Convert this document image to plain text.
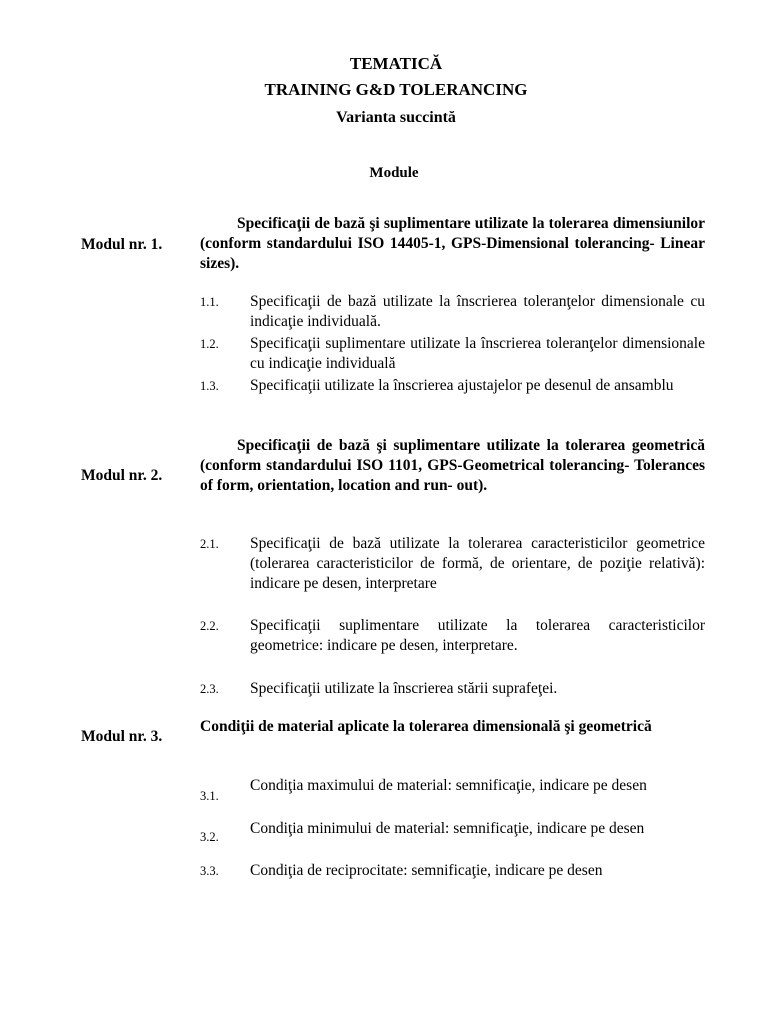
TEMATICĂ
TRAINING G&D TOLERANCING
Varianta succintă
Module
Modul nr. 1.
Specificaţii de bază şi suplimentare utilizate la tolerarea dimensiunilor (conform standardului ISO 14405-1, GPS-Dimensional tolerancing- Linear sizes).
1.1. Specificaţii de bază utilizate la înscrierea toleranţelor dimensionale cu indicaţie individuală.
1.2. Specificaţii suplimentare utilizate la înscrierea toleranţelor dimensionale cu indicaţie individuală
1.3. Specificaţii utilizate la înscrierea ajustajelor pe desenul de ansamblu
Modul nr. 2.
Specificaţii de bază şi suplimentare utilizate la tolerarea geometrică (conform standardului ISO 1101, GPS-Geometrical tolerancing- Tolerances of form, orientation, location and run- out).
2.1. Specificaţii de bază utilizate la tolerarea caracteristicilor geometrice (tolerarea caracteristicilor de formă, de orientare, de poziţie relativă): indicare pe desen, interpretare
2.2. Specificaţii suplimentare utilizate la tolerarea caracteristicilor geometrice: indicare pe desen, interpretare.
2.3. Specificaţii utilizate la înscrierea stării suprafeţei.
Modul nr. 3.
Condiţii de material aplicate la tolerarea dimensională şi geometrică
3.1.
Condiţia maximului de material: semnificaţie, indicare pe desen
3.2. Condiţia minimului de material: semnificaţie, indicare pe desen
3.3. Condiţia de reciprocitate: semnificaţie, indicare pe desen
